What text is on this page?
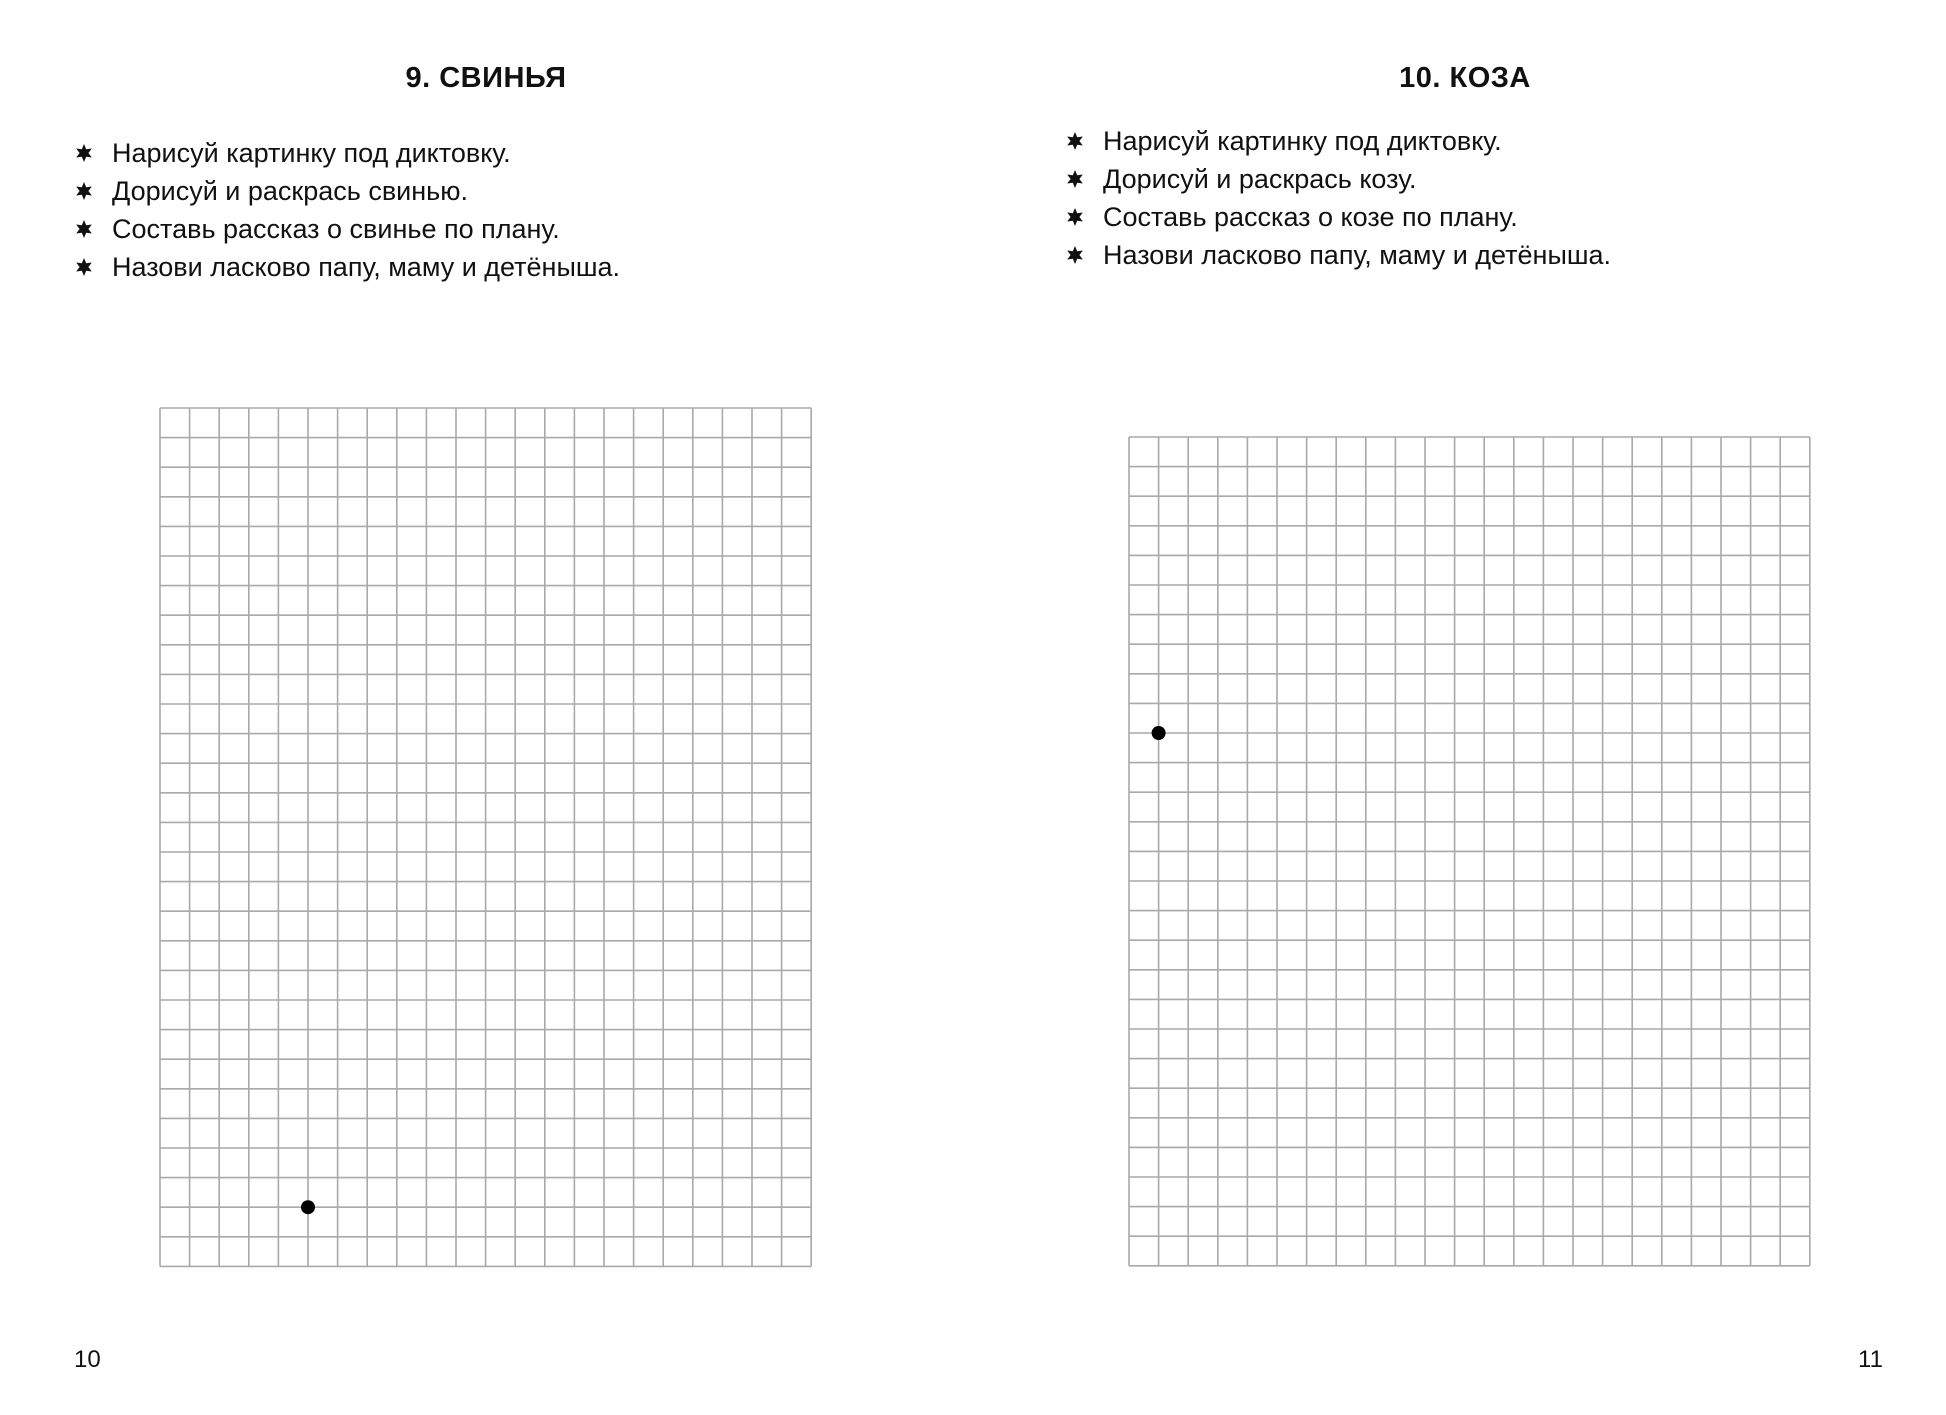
9. СВИНЬЯ
Нарисуй картинку под диктовку.
Дорисуй и раскрась свинью.
Составь рассказ о свинье по плану.
Назови ласково папу, маму и детёныша.
10
10. КОЗА
Нарисуй картинку под диктовку.
Дорисуй и раскрась козу.
Составь рассказ о козе по плану.
Назови ласково папу, маму и детёныша.
11
